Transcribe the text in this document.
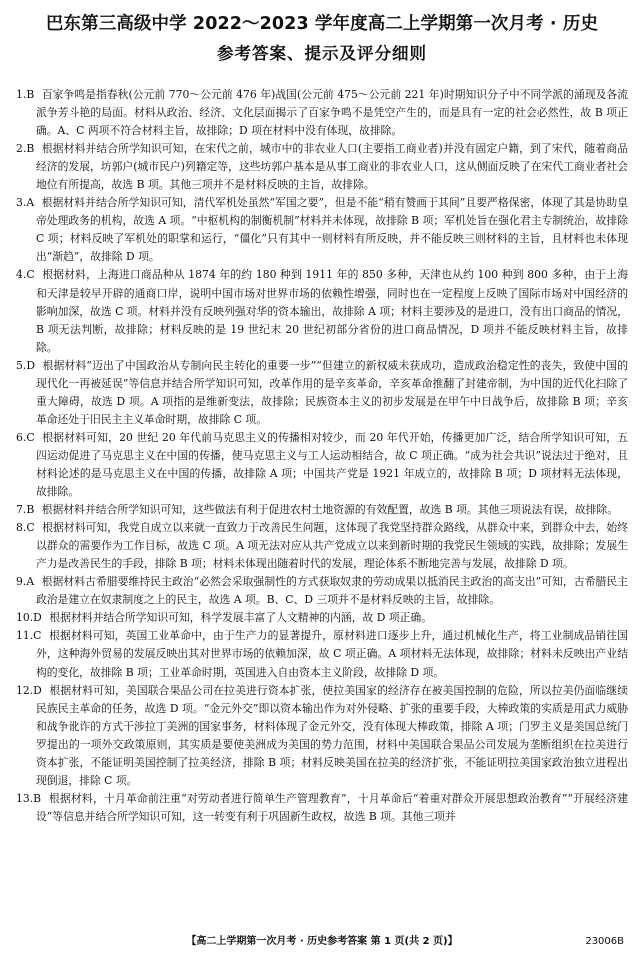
巴东第三高级中学 2022～2023 学年度高二上学期第一次月考 · 历史
参考答案、提示及评分细则

1.B 百家争鸣是指春秋(公元前 770～公元前 476 年)战国(公元前 475～公元前 221 年)时期知识分子中不同学派的涌现及各流派争芳斗艳的局面。材料从政治、经济、文化层面揭示了百家争鸣不是凭空产生的，而是具有一定的社会必然性，故 B 项正确。A、C 两项不符合材料主旨，故排除；D 项在材料中没有体现，故排除。

2.B 根据材料并结合所学知识可知，在宋代之前，城市中的非农业人口(主要指工商业者)并没有固定户籍，到了宋代，随着商品经济的发展，坊郭户(城市民户)列籍定等，这些坊郭户基本是从事工商业的非农业人口，这从侧面反映了在宋代工商业者社会地位有所提高，故选 B 项。其他三项并不是材料反映的主旨，故排除。

3.A 根据材料并结合所学知识可知，清代军机处虽然“军国之要”，但是不能“稍有赞画于其间”且要严格保密，体现了其是协助皇帝处理政务的机构，故选 A 项。“中枢机构的制衡机制”材料并未体现，故排除 B 项；军机处旨在强化君主专制统治，故排除 C 项；材料反映了军机处的职掌和运行，“僵化”只有其中一则材料有所反映，并不能反映三则材料的主旨，且材料也未体现出“渐趋”，故排除 D 项。

4.C 根据材料，上海进口商品种从 1874 年的约 180 种到 1911 年的 850 多种，天津也从约 100 种到 800 多种，由于上海和天津是较早开辟的通商口岸，说明中国市场对世界市场的依赖性增强，同时也在一定程度上反映了国际市场对中国经济的影响加深，故选 C 项。材料并没有反映列强对华的资本输出，故排除 A 项；材料主要涉及的是进口，没有出口商品的情况，B 项无法判断，故排除；材料反映的是 19 世纪末 20 世纪初部分省份的进口商品情况，D 项并不能反映材料主旨，故排除。

5.D 根据材料“迈出了中国政治从专制向民主转化的重要一步”“但建立的新权威未获成功，造成政治稳定性的丧失，致使中国的现代化一再被延误”等信息并结合所学知识可知，改革作用的是辛亥革命，辛亥革命推翻了封建帝制，为中国的近代化扫除了重大障碍，故选 D 项。A 项指的是维新变法，故排除；民族资本主义的初步发展是在甲午中日战争后，故排除 B 项；辛亥革命还处于旧民主主义革命时期，故排除 C 项。

6.C 根据材料可知，20 世纪 20 年代前马克思主义的传播相对较少，而 20 年代开始，传播更加广泛，结合所学知识可知，五四运动促进了马克思主义在中国的传播，使马克思主义与工人运动相结合，故 C 项正确。“成为社会共识”说法过于绝对，且材料论述的是马克思主义在中国的传播，故排除 A 项；中国共产党是 1921 年成立的，故排除 B 项；D 项材料无法体现，故排除。

7.B 根据材料并结合所学知识可知，这些做法有利于促进农村土地资源的有效配置，故选 B 项。其他三项说法有误，故排除。

8.C 根据材料可知，我党自成立以来就一直致力于改善民生问题，这体现了我党坚持群众路线，从群众中来，到群众中去，始终以群众的需要作为工作目标，故选 C 项。A 项无法对应从共产党成立以来到新时期的我党民生领域的实践，故排除；发展生产力是改善民生的手段，排除 B 项；材料未体现出随着时代的发展，理论体系不断地完善与发展，故排除 D 项。

9.A 根据材料古希腊要维持民主政治“必然会采取强制性的方式获取奴隶的劳动成果以抵消民主政治的高支出”可知，古希腊民主政治是建立在奴隶制度之上的民主，故选 A 项。B、C、D 三项并不是材料反映的主旨，故排除。

10.D 根据材料并结合所学知识可知，科学发展丰富了人文精神的内涵，故 D 项正确。

11.C 根据材料可知，英国工业革命中，由于生产力的显著提升，原材料进口逐步上升，通过机械化生产，将工业制成品销往国外，这种海外贸易的发展反映出其对世界市场的依赖加深，故 C 项正确。A 项材料无法体现，故排除；材料未反映出产业结构的变化，故排除 B 项；工业革命时期，英国进入自由资本主义阶段，故排除 D 项。

12.D 根据材料可知，美国联合果品公司在拉美进行资本扩张，使拉美国家的经济存在被美国控制的危险，所以拉美仍面临继续民族民主革命的任务，故选 D 项。“金元外交”即以资本输出作为对外侵略、扩张的重要手段，大棒政策的实质是用武力威胁和战争讹诈的方式干涉拉丁美洲的国家事务，材料体现了金元外交，没有体现大棒政策，排除 A 项；门罗主义是美国总统门罗提出的一项外交政策原则，其实质是要使美洲成为美国的势力范围，材料中美国联合果品公司发展为垄断组织在拉美进行资本扩张，不能证明美国控制了拉美经济，排除 B 项；材料反映美国在拉美的经济扩张，不能证明拉美国家政治独立进程出现倒退，排除 C 项。

13.B 根据材料，十月革命前注重“对劳动者进行简单生产管理教育”，十月革命后“着重对群众开展思想政治教育”“开展经济建设”等信息并结合所学知识可知，这一转变有利于巩固新生政权，故选 B 项。其他三项并

【高二上学期第一次月考 · 历史参考答案 第 1 页(共 2 页)】	23006B
